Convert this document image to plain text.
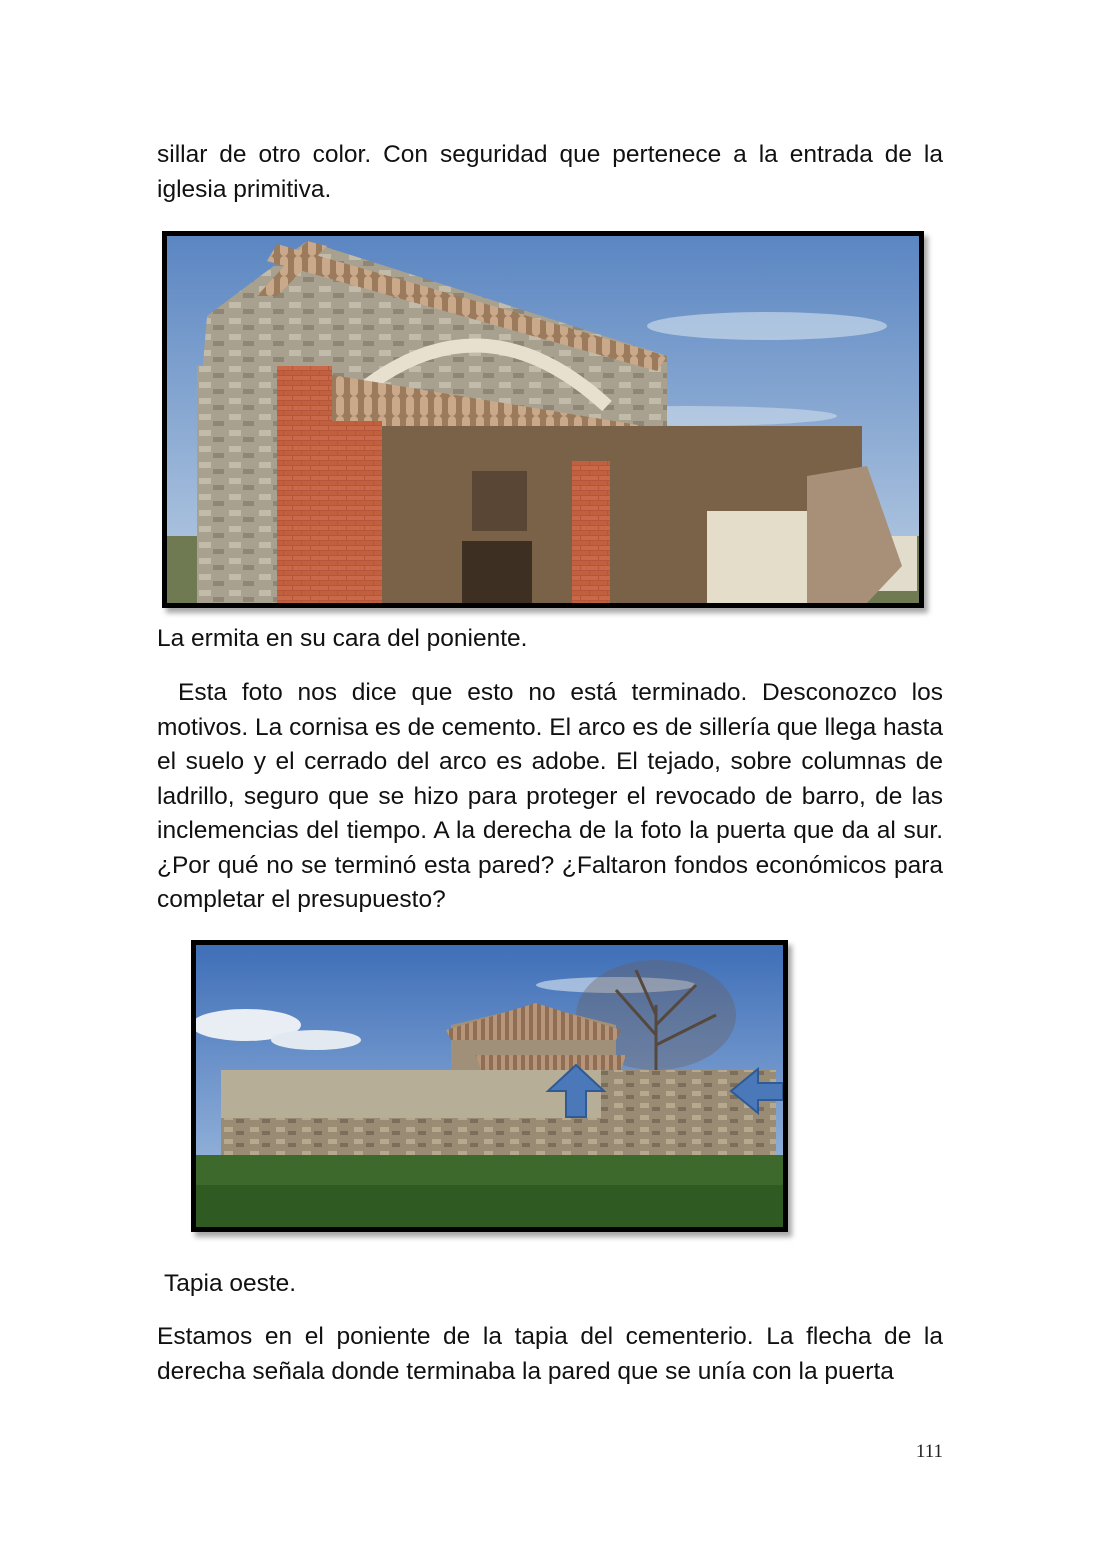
sillar de otro color. Con seguridad que pertenece a la entrada de la iglesia primitiva.

La ermita en su cara del poniente.

Esta foto nos dice que esto no está terminado. Desconozco los motivos. La cornisa es de cemento. El arco es de sillería que llega hasta el suelo y el cerrado del arco es adobe. El tejado, sobre columnas de ladrillo, seguro que se hizo para proteger el revocado de barro, de las inclemencias del tiempo. A la derecha de la foto la puerta que da al sur. ¿Por qué no se terminó esta pared? ¿Faltaron fondos económicos para completar el presupuesto?

Tapia oeste.

Estamos en el poniente de la tapia del cementerio. La flecha de la derecha señala donde terminaba la pared que se unía con la puerta

111
